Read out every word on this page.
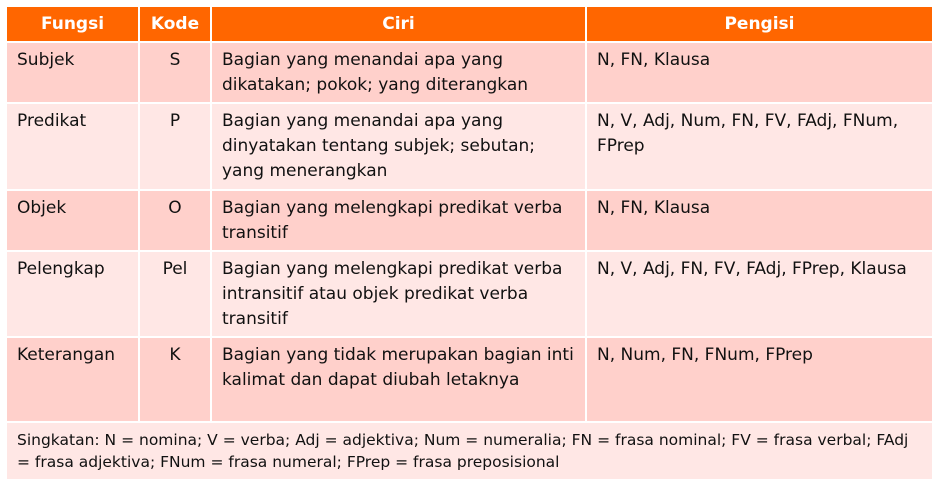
Fungsi	Kode	Ciri	Pengisi
Subjek	S	Bagian yang menandai apa yang dikatakan; pokok; yang diterangkan	N, FN, Klausa
Predikat	P	Bagian yang menandai apa yang dinyatakan tentang subjek; sebutan; yang menerangkan	N, V, Adj, Num, FN, FV, FAdj, FNum, FPrep
Objek	O	Bagian yang melengkapi predikat verba transitif	N, FN, Klausa
Pelengkap	Pel	Bagian yang melengkapi predikat verba intransitif atau objek predikat verba transitif	N, V, Adj, FN, FV, FAdj, FPrep, Klausa
Keterangan	K	Bagian yang tidak merupakan bagian inti kalimat dan dapat diubah letaknya	N, Num, FN, FNum, FPrep
Singkatan: N = nomina; V = verba; Adj = adjektiva; Num = numeralia; FN = frasa nominal; FV = frasa verbal; FAdj = frasa adjektiva; FNum = frasa numeral; FPrep = frasa preposisional			
